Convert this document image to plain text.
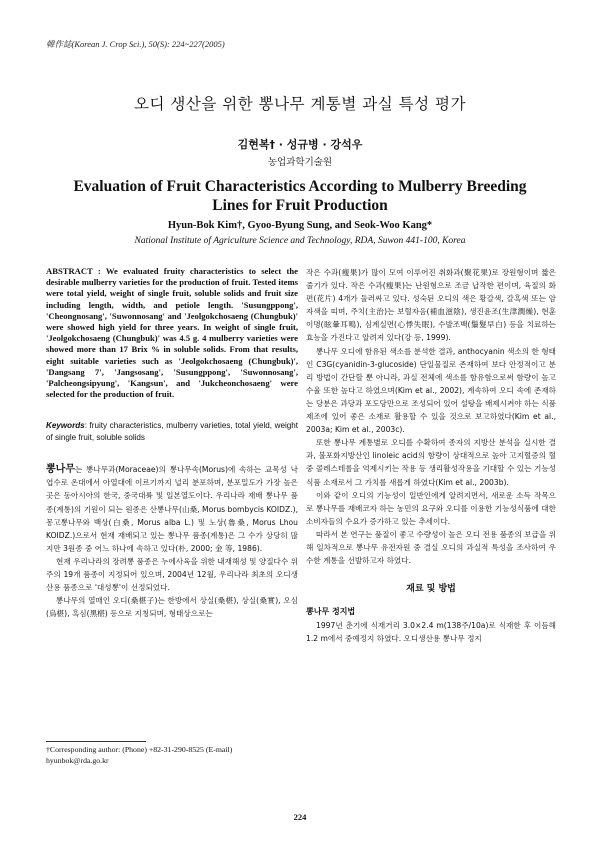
韓作誌(Korean J. Crop Sci.), 50(S): 224~227(2005)
오디 생산을 위한 뽕나무 계통별 과실 특성 평가
김현복† · 성규병 · 강석우
농업과학기술원
Evaluation of Fruit Characteristics According to Mulberry Breeding
Lines for Fruit Production
Hyun-Bok Kim†, Gyoo-Byung Sung, and Seok-Woo Kang*
National Institute of Agriculture Science and Technology, RDA, Suwon 441-100, Korea
ABSTRACT : We evaluated fruity characteristics to select the desirable mulberry varieties for the production of fruit. Tested items were total yield, weight of single fruit, soluble solids and fruit size including length, width, and petiole length. 'Susungppong', 'Cheongnosang', 'Suwonnosang' and 'Jeolgokchosaeng (Chungbuk)' were showed high yield for three years. In weight of single fruit, 'Jeolgokchosaeng (Chungbuk)' was 4.5 g. 4 mulberry varieties were showed more than 17 Brix % in soluble solids. From that results, eight suitable varieties such as 'Jeolgokchosaeng (Chungbuk)', 'Dangsang 7', 'Jangsosang', 'Susungppong', 'Suwonnosang', 'Palcheongsipyung', 'Kangsun', and 'Jukcheonchosaeng' were selected for the production of fruit.
Keywords: fruity characteristics, mulberry varieties, total yield, weight of single fruit, soluble solids

뽕나무는 뽕나무과(Moraceae)의 뽕나무속(Morus)에 속하는 교목성 낙엽수로 온대에서 아열대에 이르기까지 널리 분포하며, 분포밀도가 가장 높은 곳은 동아시아의 한국, 중국대륙 및 일본열도이다. 우리나라 재배 뽕나무 품종(계통)의 기원이 되는 원종은 산뽕나무(山桑, Morus bombycis KOIDZ.), 몽고뽕나무와 백상(白桑, Morus alba L.) 및 노상(魯桑, Morus Lhou KOIDZ.)으로서 현재 재배되고 있는 뽕나무 품종(계통)은 그 수가 상당히 많지만 3원종 중 어느 하나에 속하고 있다(朴, 2000; 金 等, 1986).

현재 우리나라의 장려뽕 품종은 누에사육을 위한 내재해성 및 양질다수 위주의 19개 품종이 지정되어 있으며, 2004년 12월, 우리나라 최초의 오디생산용 품종으로 '대성뽕'이 선정되었다.

뽕나무의 열매인 오디(桑椹子)는 한방에서 상실(桑椹), 상실(桑實), 오심(烏椹), 흑심(黑椹) 등으로 지칭되며, 형태상으로는

†Corresponding author: (Phone) +82-31-290-8525 (E-mail) hyunbok@rda.go.kr

작은 수과(瘦果)가 많이 모여 이루어진 취화과(聚花果)로 장원형이며 짧은 줄기가 있다. 작은 수과(瘦果)는 난원형으로 조금 납작한 편이며, 육질의 화편(花片) 4개가 둘러싸고 있다. 성숙된 오디의 색은 황갈색, 갈흑색 또는 암자색을 띠며, 주치(主治)는 보혈자음(補血滋陰), 생진윤조(生津潤燥), 현훈이명(眩暈耳鳴), 심계실면(心悸失眠), 수발조백(鬚髮早白) 등을 치료하는 효능을 가진다고 알려져 있다(강 등, 1999).

뽕나무 오디에 함유된 색소를 분석한 결과, anthocyanin 색소의 한 형태인 C3G(cyanidin-3-glucoside) 단일물질로 존재하여 보다 안정적이고 분리 방법이 간단할 뿐 아니라, 과실 전체에 색소를 함유함으로써 함량이 높고 수율 또한 높다고 하였으며(Kim et al., 2002), 계속하여 오디 속에 존재하는 당분은 과당과 포도당만으로 조성되어 있어 설탕을 배제시켜야 하는 식품제조에 있어 좋은 소재로 활용할 수 있을 것으로 보고하였다(Kim et al., 2003a; Kim et al., 2003c).

또한 뽕나무 계통별로 오디를 수확하여 종자의 지방산 분석을 실시한 결과, 불포화지방산인 linoleic acid의 함량이 상대적으로 높아 고지혈증의 혈중 콜레스테롤을 억제시키는 작용 등 생리활성작용을 기대할 수 있는 기능성식품 소재로서 그 가치를 새롭게 하였다(Kim et al., 2003b).

이와 같이 오디의 기능성이 일반인에게 알려지면서, 새로운 소득 작목으로 뽕나무를 재배코자 하는 농민의 요구와 오디를 이용한 기능성식품에 대한 소비자들의 수요가 증가하고 있는 추세이다.

따라서 본 연구는 품질이 좋고 수량성이 높은 오디 전용 품종의 보급을 위해 일차적으로 뽕나무 유전자원 중 결실 오디의 과실적 특성을 조사하여 우수한 계통을 선발하고자 하였다.

재료 및 방법
뽕나무 정지법

1997년 춘기에 식재거리 3.0×2.4 m(138주/10a)로 식재한 후 이듬해 1.2 m에서 중예정지 하였다. 오디생산용 뽕나무 정지

224
